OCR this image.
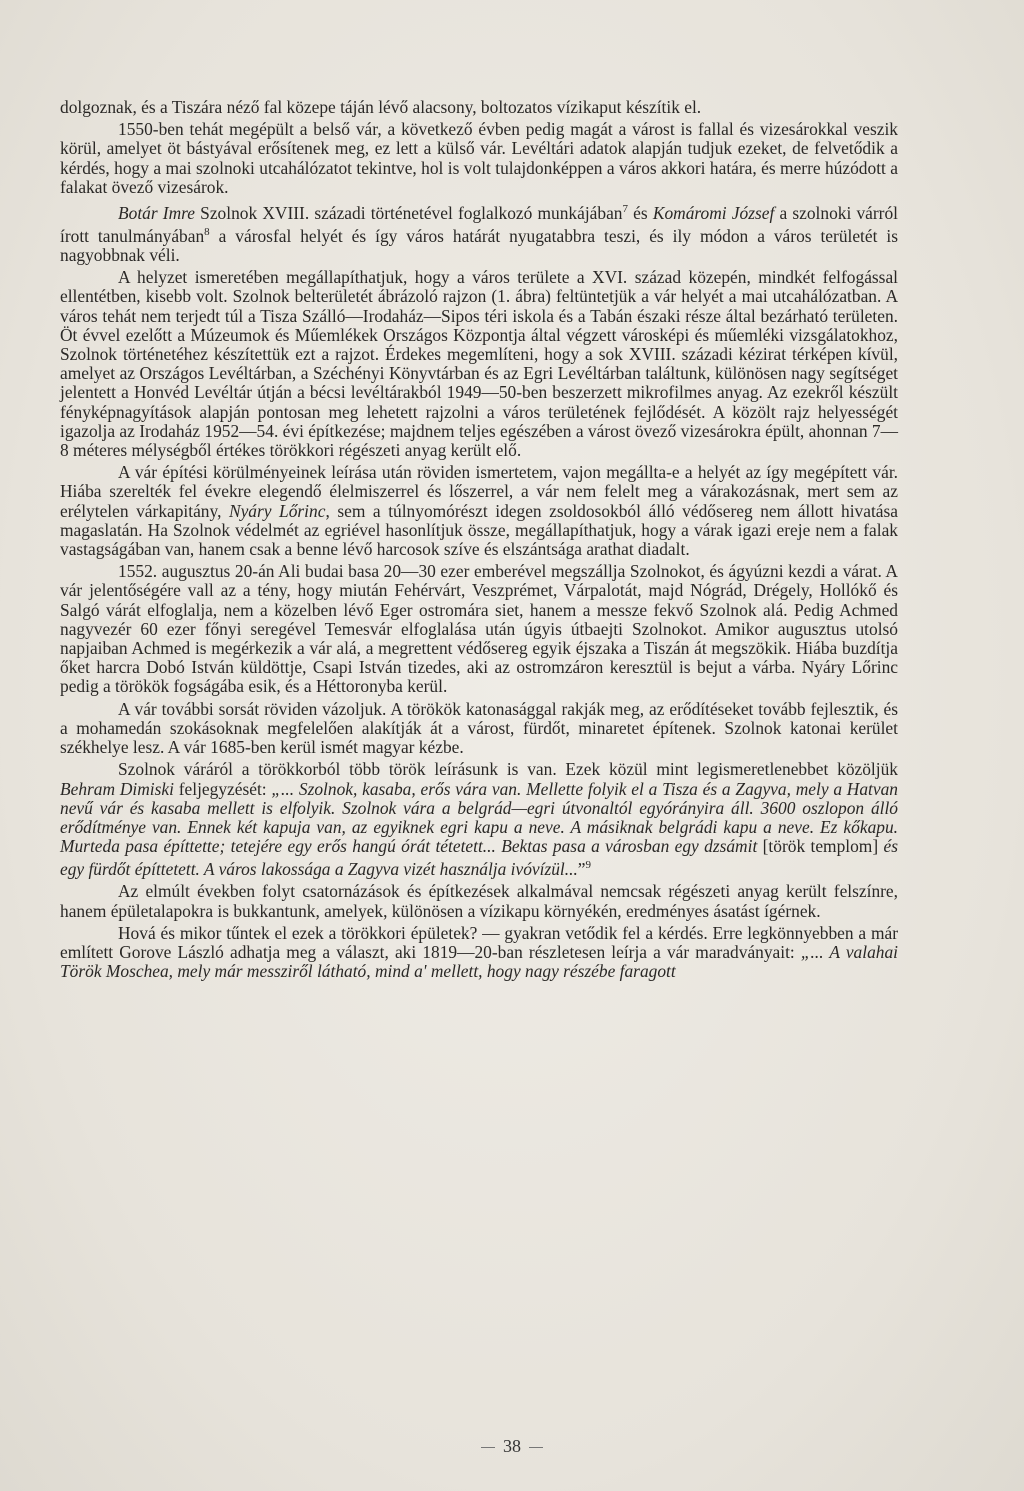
dolgoznak, és a Tiszára néző fal közepe táján lévő alacsony, boltozatos vízikaput készítik el.

1550-ben tehát megépült a belső vár, a következő évben pedig magát a várost is fallal és vizesárokkal veszik körül, amelyet öt bástyával erősítenek meg, ez lett a külső vár. Levéltári adatok alapján tudjuk ezeket, de felvetődik a kérdés, hogy a mai szolnoki utcahálózatot tekintve, hol is volt tulajdonképpen a város akkori határa, és merre húzódott a falakat övező vizesárok.

Botár Imre Szolnok XVIII. századi történetével foglalkozó munkájában$^7$ és Komáromi József a szolnoki várról írott tanulmányában$^8$ a városfal helyét és így város határát nyugatabbra teszi, és ily módon a város területét is nagyobbnak véli.

A helyzet ismeretében megállapíthatjuk, hogy a város területe a XVI. század közepén, mindkét felfogással ellentétben, kisebb volt. Szolnok belterületét ábrázoló rajzon (1. ábra) feltüntetjük a vár helyét a mai utcahálózatban. A város tehát nem terjedt túl a Tisza Szálló—Irodaház—Sipos téri iskola és a Tabán északi része által bezárható területen. Öt évvel ezelőtt a Múzeumok és Műemlékek Országos Központja által végzett városképi és műemléki vizsgálatokhoz, Szolnok történetéhez készítettük ezt a rajzot. Érdekes megemlíteni, hogy a sok XVIII. századi kézirat térképen kívül, amelyet az Országos Levéltárban, a Széchényi Könyvtárban és az Egri Levéltárban találtunk, különösen nagy segítséget jelentett a Honvéd Levéltár útján a bécsi levéltárakból 1949—50-ben beszerzett mikrofilmes anyag. Az ezekről készült fényképnagyítások alapján pontosan meg lehetett rajzolni a város területének fejlődését. A közölt rajz helyességét igazolja az Irodaház 1952—54. évi építkezése; majdnem teljes egészében a várost övező vizesárokra épült, ahonnan 7—8 méteres mélységből értékes törökkori régészeti anyag került elő.

A vár építési körülményeinek leírása után röviden ismertetem, vajon megállta-e a helyét az így megépített vár. Hiába szerelték fel évekre elegendő élelmiszerrel és lőszerrel, a vár nem felelt meg a várakozásnak, mert sem az erélytelen várkapitány, Nyáry Lőrinc, sem a túlnyomórészt idegen zsoldosokból álló védősereg nem állott hivatása magaslatán. Ha Szolnok védelmét az egriével hasonlítjuk össze, megállapíthatjuk, hogy a várak igazi ereje nem a falak vastagságában van, hanem csak a benne lévő harcosok szíve és elszántsága arathat diadalt.

1552. augusztus 20-án Ali budai basa 20—30 ezer emberével megszállja Szolnokot, és ágyúzni kezdi a várat. A vár jelentőségére vall az a tény, hogy miután Fehérvárt, Veszprémet, Várpalotát, majd Nógrád, Drégely, Hollókő és Salgó várát elfoglalja, nem a közelben lévő Eger ostromára siet, hanem a messze fekvő Szolnok alá. Pedig Achmed nagyvezér 60 ezer főnyi seregével Temesvár elfoglalása után úgyis útbaejti Szolnokot. Amikor augusztus utolsó napjaiban Achmed is megérkezik a vár alá, a megrettent védősereg egyik éjszaka a Tiszán át megszökik. Hiába buzdítja őket harcra Dobó István küldöttje, Csapi István tizedes, aki az ostromzáron keresztül is bejut a várba. Nyáry Lőrinc pedig a törökök fogságába esik, és a Héttoronyba kerül.

A vár további sorsát röviden vázoljuk. A törökök katonasággal rakják meg, az erődítéseket tovább fejlesztik, és a mohamedán szokásoknak megfelelően alakítják át a várost, fürdőt, minaretet építenek. Szolnok katonai kerület székhelye lesz. A vár 1685-ben kerül ismét magyar kézbe.

Szolnok váráról a törökkorból több török leírásunk is van. Ezek közül mint legismeretlenebbet közöljük Behram Dimiski feljegyzését: „... Szolnok, kasaba, erős vára van. Mellette folyik el a Tisza és a Zagyva, mely a Hatvan nevű vár és kasaba mellett is elfolyik. Szolnok vára a belgrád—egri útvonaltól egyórányira áll. 3600 oszlopon álló erődítménye van. Ennek két kapuja van, az egyiknek egri kapu a neve. A másiknak belgrádi kapu a neve. Ez kőkapu. Murteda pasa építtette; tetejére egy erős hangú órát tétetett... Bektas pasa a városban egy dzsámit [török templom] és egy fürdőt építtetett. A város lakossága a Zagyva vizét használja ivóvízül...”$^9$

Az elmúlt években folyt csatornázások és építkezések alkalmával nemcsak régészeti anyag került felszínre, hanem épületalapokra is bukkantunk, amelyek, különösen a vízikapu környékén, eredményes ásatást ígérnek.

Hová és mikor tűntek el ezek a törökkori épületek? — gyakran vetődik fel a kérdés. Erre legkönnyebben a már említett Gorove László adhatja meg a választ, aki 1819—20-ban részletesen leírja a vár maradványait: „... A valahai Török Moschea, mely már messziről látható, mind a' mellett, hogy nagy részébe faragott

38
